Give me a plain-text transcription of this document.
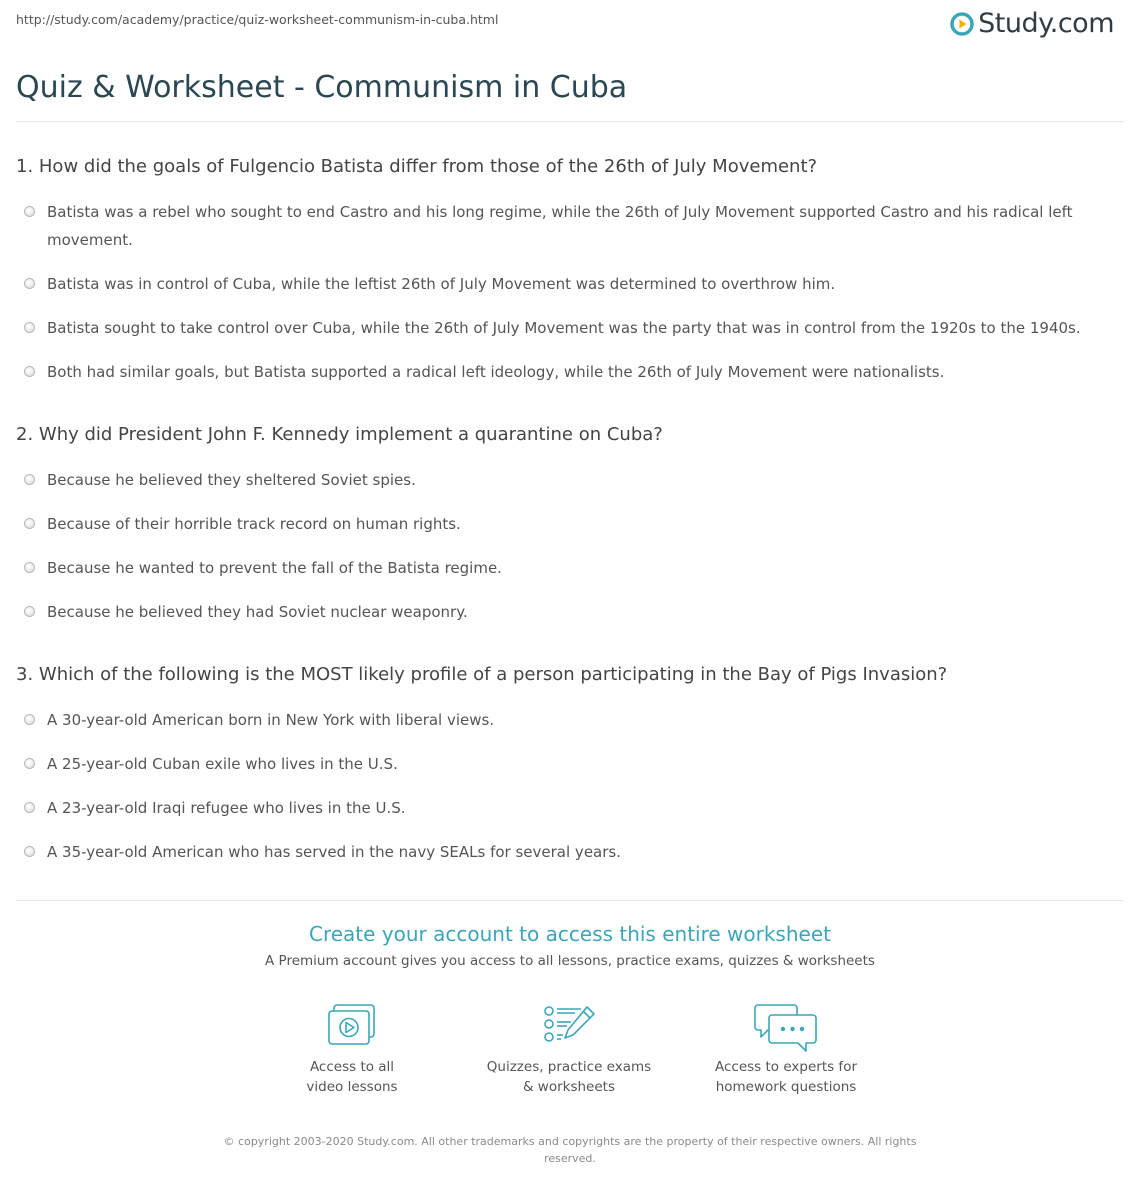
http://study.com/academy/practice/quiz-worksheet-communism-in-cuba.html	Study.com
Quiz & Worksheet - Communism in Cuba
1. How did the goals of Fulgencio Batista differ from those of the 26th of July Movement?
Batista was a rebel who sought to end Castro and his long regime, while the 26th of July Movement supported Castro and his radical left movement.
Batista was in control of Cuba, while the leftist 26th of July Movement was determined to overthrow him.
Batista sought to take control over Cuba, while the 26th of July Movement was the party that was in control from the 1920s to the 1940s.
Both had similar goals, but Batista supported a radical left ideology, while the 26th of July Movement were nationalists.
2. Why did President John F. Kennedy implement a quarantine on Cuba?
Because he believed they sheltered Soviet spies.
Because of their horrible track record on human rights.
Because he wanted to prevent the fall of the Batista regime.
Because he believed they had Soviet nuclear weaponry.
3. Which of the following is the MOST likely profile of a person participating in the Bay of Pigs Invasion?
A 30-year-old American born in New York with liberal views.
A 25-year-old Cuban exile who lives in the U.S.
A 23-year-old Iraqi refugee who lives in the U.S.
A 35-year-old American who has served in the navy SEALs for several years.
Create your account to access this entire worksheet
A Premium account gives you access to all lessons, practice exams, quizzes & worksheets
Access to all
video lessons
Quizzes, practice exams
& worksheets
Access to experts for
homework questions
© copyright 2003-2020 Study.com. All other trademarks and copyrights are the property of their respective owners. All rights
reserved.
